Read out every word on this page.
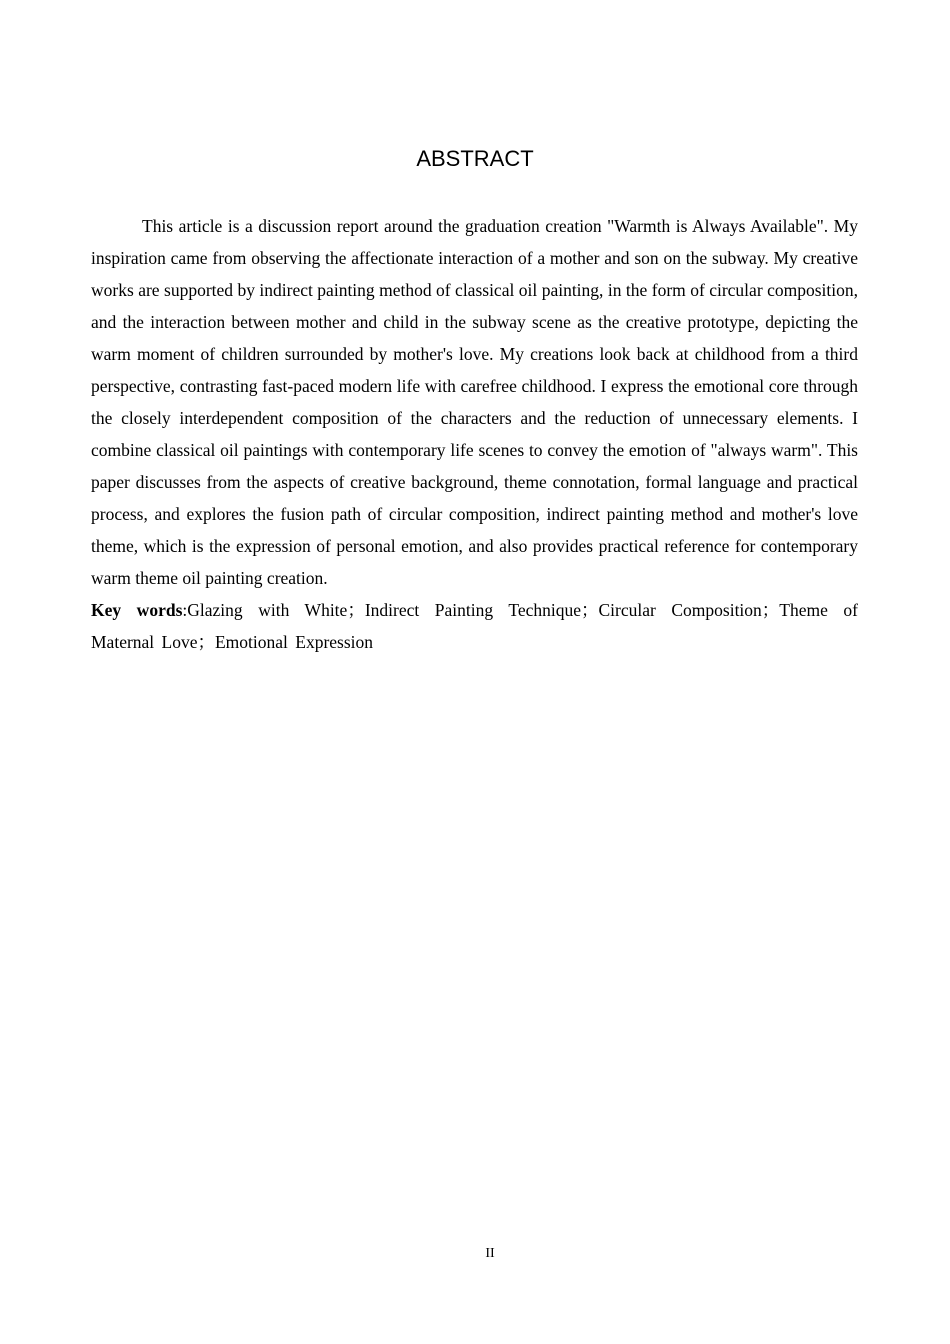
ABSTRACT

This article is a discussion report around the graduation creation "Warmth is Always Available". My inspiration came from observing the affectionate interaction of a mother and son on the subway. My creative works are supported by indirect painting method of classical oil painting, in the form of circular composition, and the interaction between mother and child in the subway scene as the creative prototype, depicting the warm moment of children surrounded by mother's love. My creations look back at childhood from a third perspective, contrasting fast-paced modern life with carefree childhood. I express the emotional core through the closely interdependent composition of the characters and the reduction of unnecessary elements. I combine classical oil paintings with contemporary life scenes to convey the emotion of "always warm". This paper discusses from the aspects of creative background, theme connotation, formal language and practical process, and explores the fusion path of circular composition, indirect painting method and mother's love theme, which is the expression of personal emotion, and also provides practical reference for contemporary warm theme oil painting creation.

Key words:Glazing with White；Indirect Painting Technique；Circular Composition；Theme of Maternal Love；Emotional Expression

II
